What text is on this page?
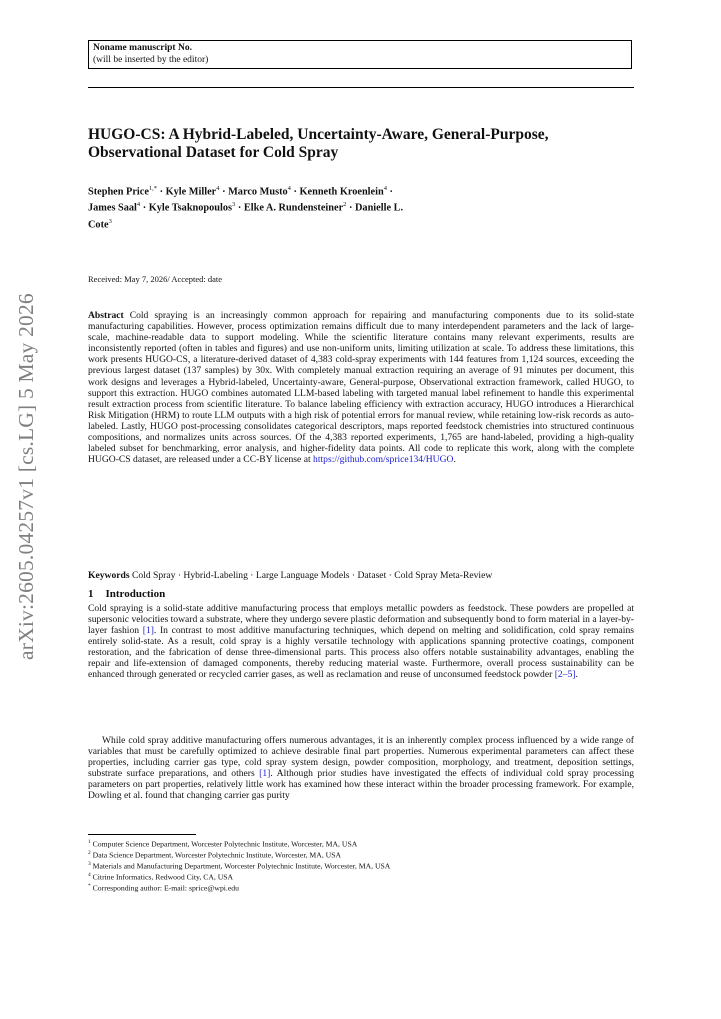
Noname manuscript No.
(will be inserted by the editor)
HUGO-CS: A Hybrid-Labeled, Uncertainty-Aware, General-Purpose, Observational Dataset for Cold Spray
Stephen Price$^{1,*}$ · Kyle Miller$^4$ · Marco Musto$^4$ · Kenneth Kroenlein$^4$ · James Saal$^4$ · Kyle Tsaknopoulos$^3$ · Elke A. Rundensteiner$^2$ · Danielle L. Cote$^3$
Received: May 7, 2026/ Accepted: date
arXiv:2605.04257v1 [cs.LG] 5 May 2026	Abstract Cold spraying is an increasingly common approach for repairing and manufacturing components due to its solid-state manufacturing capabilities. However, process optimization remains difficult due to many interdependent parameters and the lack of large-scale, machine-readable data to support modeling. While the scientific literature contains many relevant experiments, results are inconsistently reported (often in tables and figures) and use non-uniform units, limiting utilization at scale. To address these limitations, this work presents HUGO-CS, a literature-derived dataset of 4,383 cold-spray experiments with 144 features from 1,124 sources, exceeding the previous largest dataset (137 samples) by 30x. With completely manual extraction requiring an average of 91 minutes per document, this work designs and leverages a Hybrid-labeled, Uncertainty-aware, General-purpose, Observational extraction framework, called HUGO, to support this extraction. HUGO combines automated LLM-based labeling with targeted manual label refinement to handle this experimental result extraction process from scientific literature. To balance labeling efficiency with extraction accuracy, HUGO introduces a Hierarchical Risk Mitigation (HRM) to route LLM outputs with a high risk of potential errors for manual review, while retaining low-risk records as auto-labeled. Lastly, HUGO post-processing consolidates categorical descriptors, maps reported feedstock chemistries into structured continuous compositions, and normalizes units across sources. Of the 4,383 reported experiments, 1,765 are hand-labeled, providing a high-quality labeled subset for benchmarking, error analysis, and higher-fidelity data points. All code to replicate this work, along with the complete HUGO-CS dataset, are released under a CC-BY license at https://github.com/sprice134/HUGO.
Keywords Cold Spray · Hybrid-Labeling · Large Language Models · Dataset · Cold Spray Meta-Review
1 Introduction
Cold spraying is a solid-state additive manufacturing process that employs metallic powders as feedstock. These powders are propelled at supersonic velocities toward a substrate, where they undergo severe plastic deformation and subsequently bond to form material in a layer-by-layer fashion [1]. In contrast to most additive manufacturing techniques, which depend on melting and solidification, cold spray remains entirely solid-state. As a result, cold spray is a highly versatile technology with applications spanning protective coatings, component restoration, and the fabrication of dense three-dimensional parts. This process also offers notable sustainability advantages, enabling the repair and life-extension of damaged components, thereby reducing material waste. Furthermore, overall process sustainability can be enhanced through generated or recycled carrier gases, as well as reclamation and reuse of unconsumed feedstock powder [2–5].
While cold spray additive manufacturing offers numerous advantages, it is an inherently complex process influenced by a wide range of variables that must be carefully optimized to achieve desirable final part properties. Numerous experimental parameters can affect these properties, including carrier gas type, cold spray system design, powder composition, morphology, and treatment, deposition settings, substrate surface preparations, and others [1]. Although prior studies have investigated the effects of individual cold spray processing parameters on part properties, relatively little work has examined how these interact within the broader processing framework. For example, Dowling et al. found that changing carrier gas purity
$^1$ Computer Science Department, Worcester Polytechnic Institute, Worcester, MA, USA
$^2$ Data Science Department, Worcester Polytechnic Institute, Worcester, MA, USA
$^3$ Materials and Manufacturing Department, Worcester Polytechnic Institute, Worcester, MA, USA
$^4$ Citrine Informatics, Redwood City, CA, USA
* Corresponding author: E-mail: sprice@wpi.edu
